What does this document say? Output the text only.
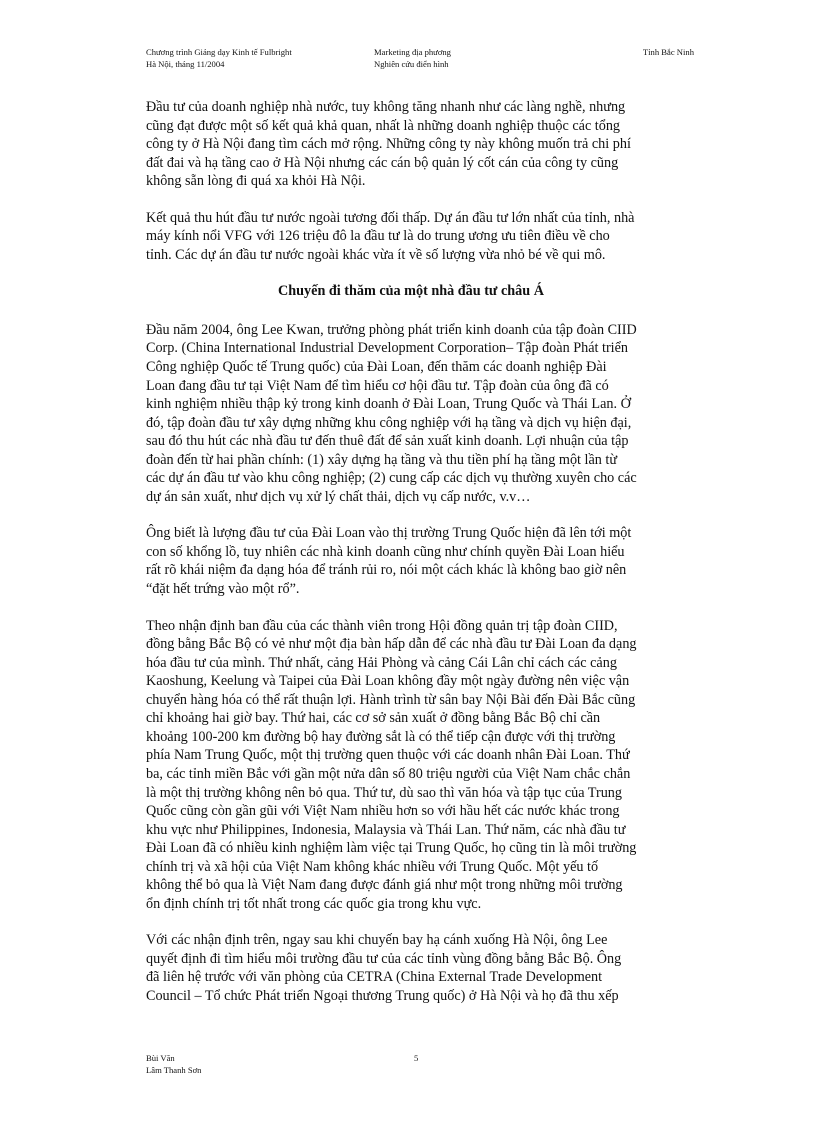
Chương trình Giảng dạy Kinh tế Fulbright
Hà Nội, tháng 11/2004
Marketing địa phương
Nghiên cứu điển hình
Tỉnh Bắc Ninh

Đầu tư của doanh nghiệp nhà nước, tuy không tăng nhanh như các làng nghề, nhưng
cũng đạt được một số kết quả khả quan, nhất là những doanh nghiệp thuộc các tổng
công ty ở Hà Nội đang tìm cách mở rộng. Những công ty này không muốn trả chi phí
đất đai và hạ tầng cao ở Hà Nội nhưng các cán bộ quản lý cốt cán của công ty cũng
không sẵn lòng đi quá xa khỏi Hà Nội.

Kết quả thu hút đầu tư nước ngoài tương đối thấp. Dự án đầu tư lớn nhất của tỉnh, nhà
máy kính nổi VFG với 126 triệu đô la đầu tư là do trung ương ưu tiên điều về cho
tỉnh. Các dự án đầu tư nước ngoài khác vừa ít về số lượng vừa nhỏ bé về qui mô.

Chuyến đi thăm của một nhà đầu tư châu Á

Đầu năm 2004, ông Lee Kwan, trưởng phòng phát triển kinh doanh của tập đoàn CIID
Corp. (China International Industrial Development Corporation– Tập đoàn Phát triển
Công nghiệp Quốc tế Trung quốc) của Đài Loan, đến thăm các doanh nghiệp Đài
Loan đang đầu tư tại Việt Nam để tìm hiểu cơ hội đầu tư. Tập đoàn của ông đã có
kinh nghiệm nhiều thập kỷ trong kinh doanh ở Đài Loan, Trung Quốc và Thái Lan. Ở
đó, tập đoàn đầu tư xây dựng những khu công nghiệp với hạ tầng và dịch vụ hiện đại,
sau đó thu hút các nhà đầu tư đến thuê đất để sản xuất kinh doanh. Lợi nhuận của tập
đoàn đến từ hai phần chính: (1) xây dựng hạ tầng và thu tiền phí hạ tầng một lần từ
các dự án đầu tư vào khu công nghiệp; (2) cung cấp các dịch vụ thường xuyên cho các
dự án sản xuất, như dịch vụ xử lý chất thải, dịch vụ cấp nước, v.v…

Ông biết là lượng đầu tư của Đài Loan vào thị trường Trung Quốc hiện đã lên tới một
con số khổng lồ, tuy nhiên các nhà kinh doanh cũng như chính quyền Đài Loan hiểu
rất rõ khái niệm đa dạng hóa để tránh rủi ro, nói một cách khác là không bao giờ nên
“đặt hết trứng vào một rổ”.

Theo nhận định ban đầu của các thành viên trong Hội đồng quản trị tập đoàn CIID,
đồng bằng Bắc Bộ có vẻ như một địa bàn hấp dẫn để các nhà đầu tư Đài Loan đa dạng
hóa đầu tư của mình. Thứ nhất, cảng Hải Phòng và cảng Cái Lân chỉ cách các cảng
Kaoshung, Keelung và Taipei của Đài Loan không đầy một ngày đường nên việc vận
chuyển hàng hóa có thể rất thuận lợi. Hành trình từ sân bay Nội Bài đến Đài Bắc cũng
chỉ khoảng hai giờ bay. Thứ hai, các cơ sở sản xuất ở đồng bằng Bắc Bộ chỉ cần
khoảng 100-200 km đường bộ hay đường sắt là có thể tiếp cận được với thị trường
phía Nam Trung Quốc, một thị trường quen thuộc với các doanh nhân Đài Loan. Thứ
ba, các tỉnh miền Bắc với gần một nửa dân số 80 triệu người của Việt Nam chắc chắn
là một thị trường không nên bỏ qua. Thứ tư, dù sao thì văn hóa và tập tục của Trung
Quốc cũng còn gần gũi với Việt Nam nhiều hơn so với hầu hết các nước khác trong
khu vực như Philippines, Indonesia, Malaysia và Thái Lan. Thứ năm, các nhà đầu tư
Đài Loan đã có nhiều kinh nghiệm làm việc tại Trung Quốc, họ cũng tin là môi trường
chính trị và xã hội của Việt Nam không khác nhiều với Trung Quốc. Một yếu tố
không thể bỏ qua là Việt Nam đang được đánh giá như một trong những môi trường
ổn định chính trị tốt nhất trong các quốc gia trong khu vực.

Với các nhận định trên, ngay sau khi chuyến bay hạ cánh xuống Hà Nội, ông Lee
quyết định đi tìm hiểu môi trường đầu tư của các tỉnh vùng đồng bằng Bắc Bộ. Ông
đã liên hệ trước với văn phòng của CETRA (China External Trade Development
Council – Tổ chức Phát triển Ngoại thương Trung quốc) ở Hà Nội và họ đã thu xếp

Bùi Văn
Lâm Thanh Sơn
5
